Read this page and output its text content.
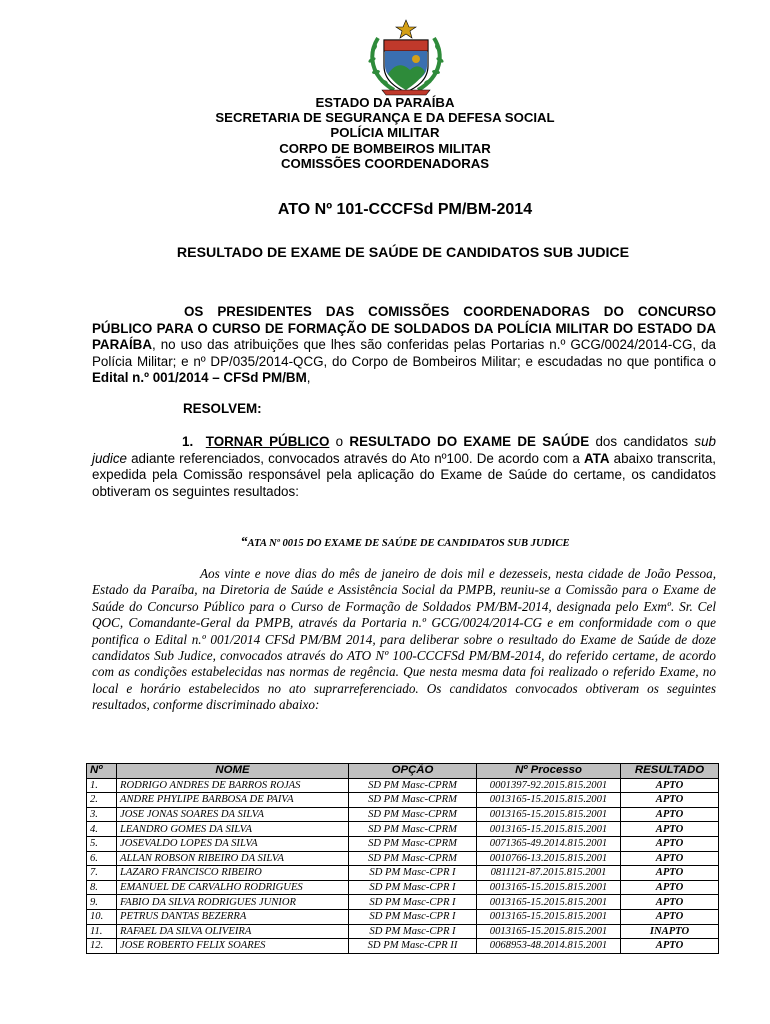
ESTADO DA PARAÍBA
SECRETARIA DE SEGURANÇA E DA DEFESA SOCIAL
POLÍCIA MILITAR
CORPO DE BOMBEIROS MILITAR
COMISSÕES COORDENADORAS
ATO Nº 101-CCCFSd PM/BM-2014
RESULTADO DE EXAME DE SAÚDE DE CANDIDATOS SUB JUDICE
OS PRESIDENTES DAS COMISSÕES COORDENADORAS DO CONCURSO PÚBLICO PARA O CURSO DE FORMAÇÃO DE SOLDADOS DA POLÍCIA MILITAR DO ESTADO DA PARAÍBA, no uso das atribuições que lhes são conferidas pelas Portarias n.º GCG/0024/2014-CG, da Polícia Militar; e nº DP/035/2014-QCG, do Corpo de Bombeiros Militar; e escudadas no que pontifica o Edital n.º 001/2014 – CFSd PM/BM,
RESOLVEM:
1. TORNAR PÚBLICO o RESULTADO DO EXAME DE SAÚDE dos candidatos sub judice adiante referenciados, convocados através do Ato nº100. De acordo com a ATA abaixo transcrita, expedida pela Comissão responsável pela aplicação do Exame de Saúde do certame, os candidatos obtiveram os seguintes resultados:
“ATA Nº 0015 DO EXAME DE SAÚDE DE CANDIDATOS SUB JUDICE
Aos vinte e nove dias do mês de janeiro de dois mil e dezesseis, nesta cidade de João Pessoa, Estado da Paraíba, na Diretoria de Saúde e Assistência Social da PMPB, reuniu-se a Comissão para o Exame de Saúde do Concurso Público para o Curso de Formação de Soldados PM/BM-2014, designada pelo Exmº. Sr. Cel QOC, Comandante-Geral da PMPB, através da Portaria n.º GCG/0024/2014-CG e em conformidade com o que pontifica o Edital n.º 001/2014 CFSd PM/BM 2014, para deliberar sobre o resultado do Exame de Saúde de doze candidatos Sub Judice, convocados através do ATO Nº 100-CCCFSd PM/BM-2014, do referido certame, de acordo com as condições estabelecidas nas normas de regência. Que nesta mesma data foi realizado o referido Exame, no local e horário estabelecidos no ato suprarreferenciado. Os candidatos convocados obtiveram os seguintes resultados, conforme discriminado abaixo:
Nº	NOME	OPÇÃO	Nº Processo	RESULTADO
1.	RODRIGO ANDRES DE BARROS ROJAS	SD PM Masc-CPRM	0001397-92.2015.815.2001	APTO
2.	ANDRE PHYLIPE BARBOSA DE PAIVA	SD PM Masc-CPRM	0013165-15.2015.815.2001	APTO
3.	JOSE JONAS SOARES DA SILVA	SD PM Masc-CPRM	0013165-15.2015.815.2001	APTO
4.	LEANDRO GOMES DA SILVA	SD PM Masc-CPRM	0013165-15.2015.815.2001	APTO
5.	JOSEVALDO LOPES DA SILVA	SD PM Masc-CPRM	0071365-49.2014.815.2001	APTO
6.	ALLAN ROBSON RIBEIRO DA SILVA	SD PM Masc-CPRM	0010766-13.2015.815.2001	APTO
7.	LAZARO FRANCISCO RIBEIRO	SD PM Masc-CPR I	0811121-87.2015.815.2001	APTO
8.	EMANUEL DE CARVALHO RODRIGUES	SD PM Masc-CPR I	0013165-15.2015.815.2001	APTO
9.	FABIO DA SILVA RODRIGUES JUNIOR	SD PM Masc-CPR I	0013165-15.2015.815.2001	APTO
10.	PETRUS DANTAS BEZERRA	SD PM Masc-CPR I	0013165-15.2015.815.2001	APTO
11.	RAFAEL DA SILVA OLIVEIRA	SD PM Masc-CPR I	0013165-15.2015.815.2001	INAPTO
12.	JOSE ROBERTO FELIX SOARES	SD PM Masc-CPR II	0068953-48.2014.815.2001	APTO
